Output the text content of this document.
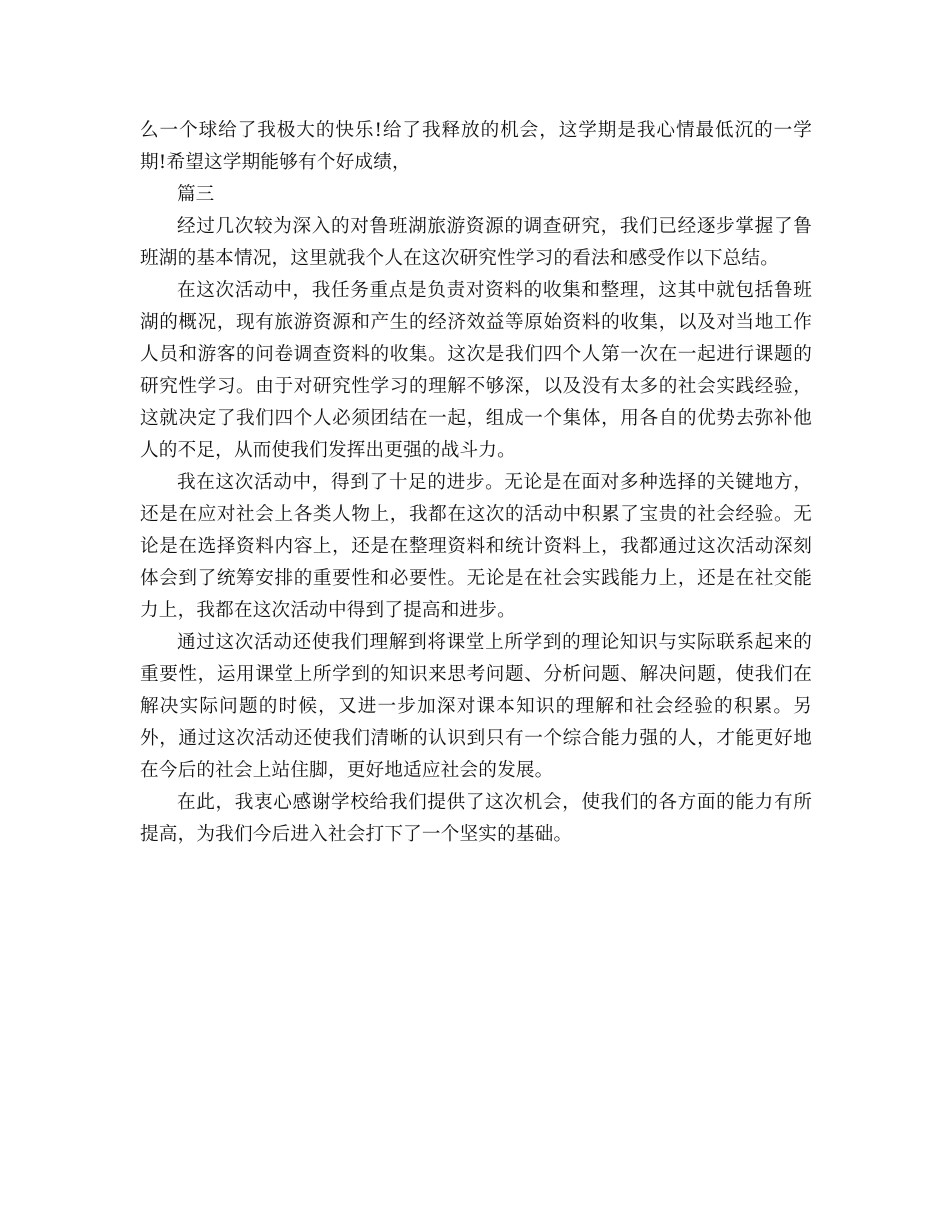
么一个球给了我极大的快乐!给了我释放的机会，这学期是我心情最低沉的一学期!希望这学期能够有个好成绩，

篇三

经过几次较为深入的对鲁班湖旅游资源的调查研究，我们已经逐步掌握了鲁班湖的基本情况，这里就我个人在这次研究性学习的看法和感受作以下总结。

在这次活动中，我任务重点是负责对资料的收集和整理，这其中就包括鲁班湖的概况，现有旅游资源和产生的经济效益等原始资料的收集，以及对当地工作人员和游客的问卷调查资料的收集。这次是我们四个人第一次在一起进行课题的研究性学习。由于对研究性学习的理解不够深，以及没有太多的社会实践经验，这就决定了我们四个人必须团结在一起，组成一个集体，用各自的优势去弥补他人的不足，从而使我们发挥出更强的战斗力。

我在这次活动中，得到了十足的进步。无论是在面对多种选择的关键地方，还是在应对社会上各类人物上，我都在这次的活动中积累了宝贵的社会经验。无论是在选择资料内容上，还是在整理资料和统计资料上，我都通过这次活动深刻体会到了统筹安排的重要性和必要性。无论是在社会实践能力上，还是在社交能力上，我都在这次活动中得到了提高和进步。

通过这次活动还使我们理解到将课堂上所学到的理论知识与实际联系起来的重要性，运用课堂上所学到的知识来思考问题、分析问题、解决问题，使我们在解决实际问题的时候，又进一步加深对课本知识的理解和社会经验的积累。另外，通过这次活动还使我们清晰的认识到只有一个综合能力强的人，才能更好地在今后的社会上站住脚，更好地适应社会的发展。

在此，我衷心感谢学校给我们提供了这次机会，使我们的各方面的能力有所提高，为我们今后进入社会打下了一个坚实的基础。
